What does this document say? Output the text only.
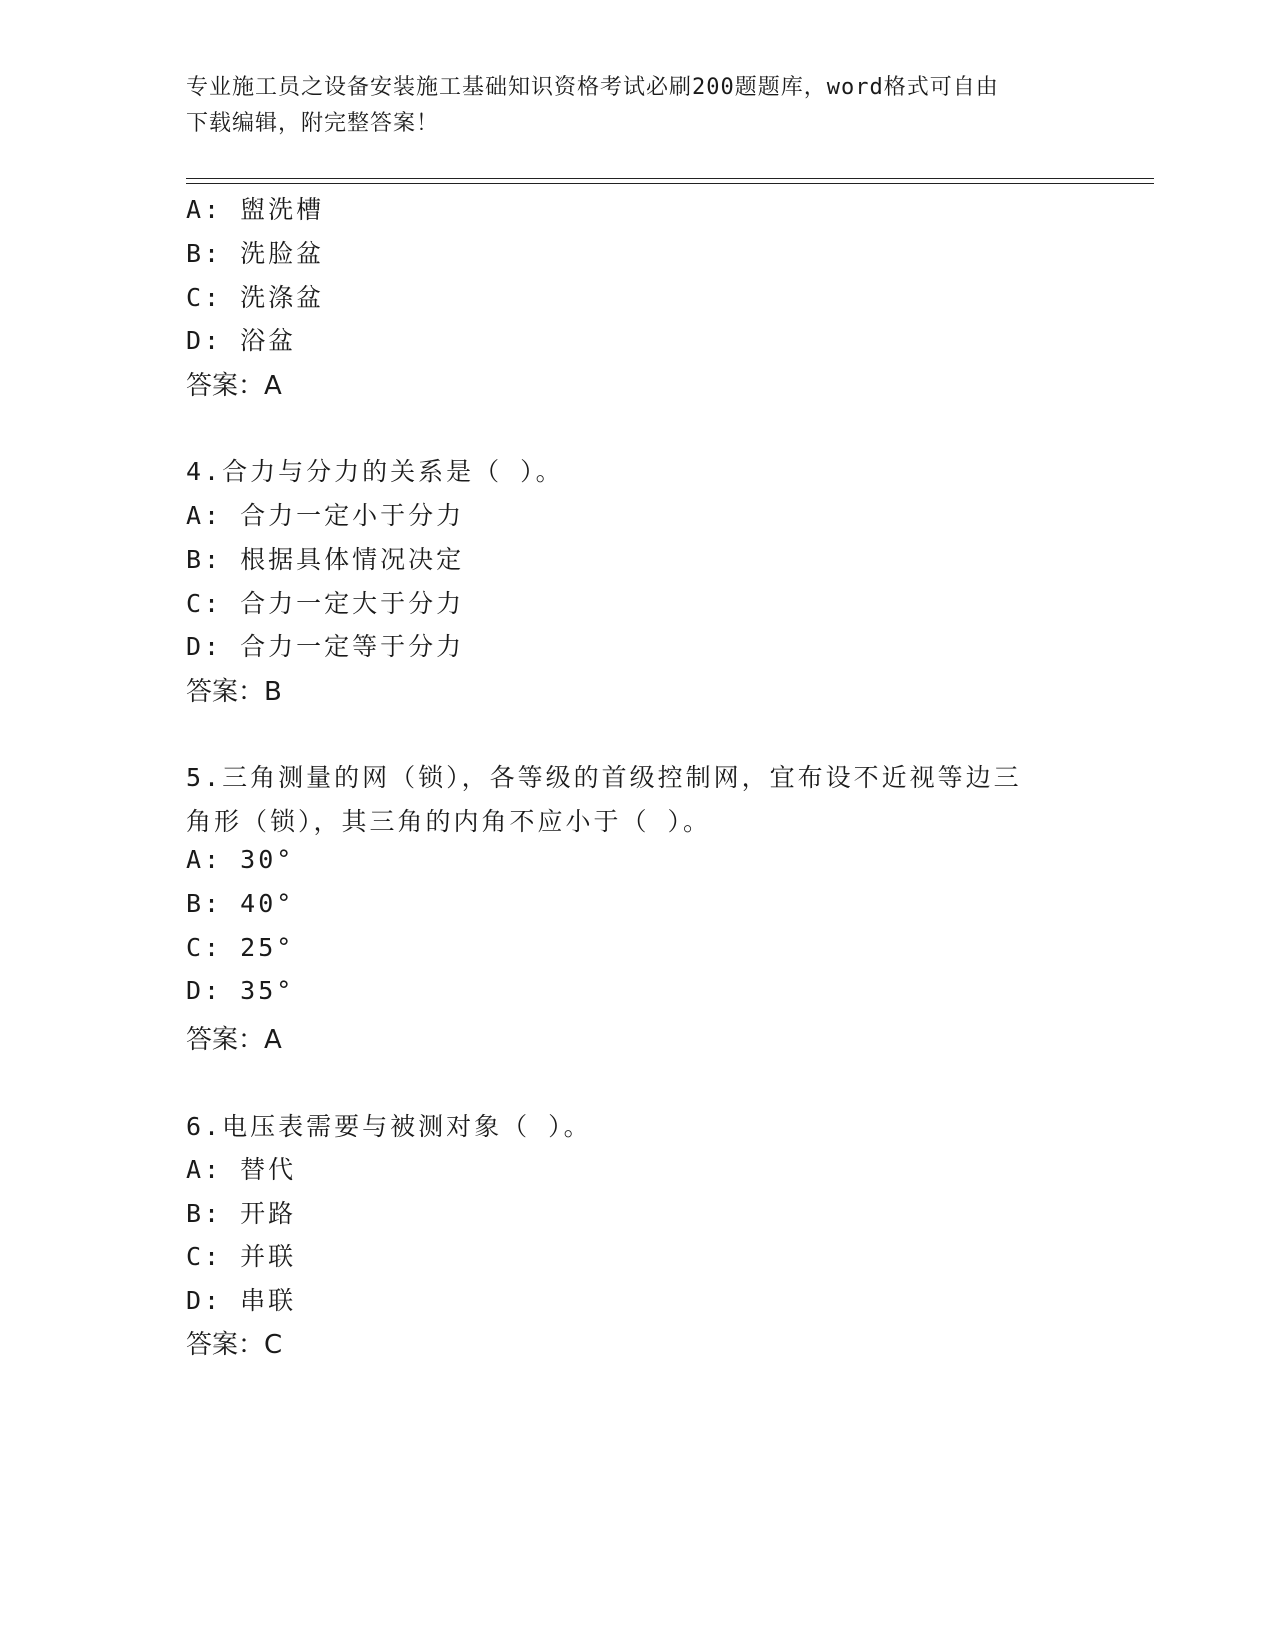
专业施工员之设备安装施工基础知识资格考试必刷200题题库，word格式可自由
下载编辑，附完整答案！
A: 盥洗槽
B: 洗脸盆
C: 洗涤盆
D: 浴盆
答案：A
4.合力与分力的关系是（ ）。
A: 合力一定小于分力
B: 根据具体情况决定
C: 合力一定大于分力
D: 合力一定等于分力
答案：B
5.三角测量的网（锁），各等级的首级控制网，宜布设不近视等边三
角形（锁），其三角的内角不应小于（ ）。
A: 30°
B: 40°
C: 25°
D: 35°
答案：A
6.电压表需要与被测对象（ ）。
A: 替代
B: 开路
C: 并联
D: 串联
答案：C
